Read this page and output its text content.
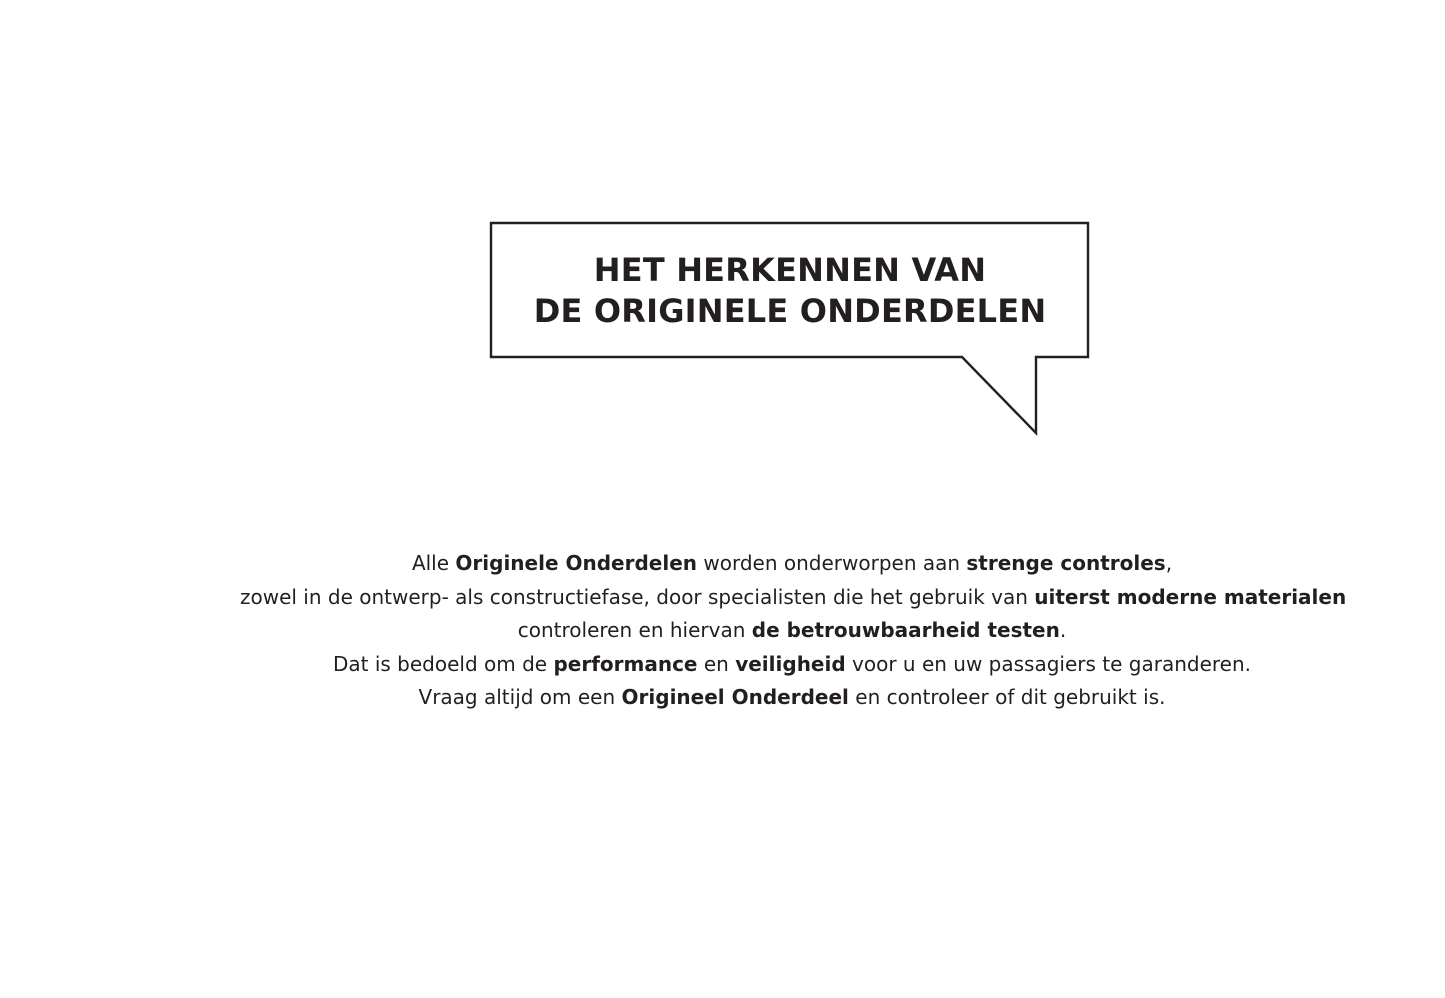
HET HERKENNEN VAN
DE ORIGINELE ONDERDELEN

Alle Originele Onderdelen worden onderworpen aan strenge controles,
zowel in de ontwerp- als constructiefase, door specialisten die het gebruik van uiterst moderne materialen
controleren en hiervan de betrouwbaarheid testen.
Dat is bedoeld om de performance en veiligheid voor u en uw passagiers te garanderen.
Vraag altijd om een Origineel Onderdeel en controleer of dit gebruikt is.
